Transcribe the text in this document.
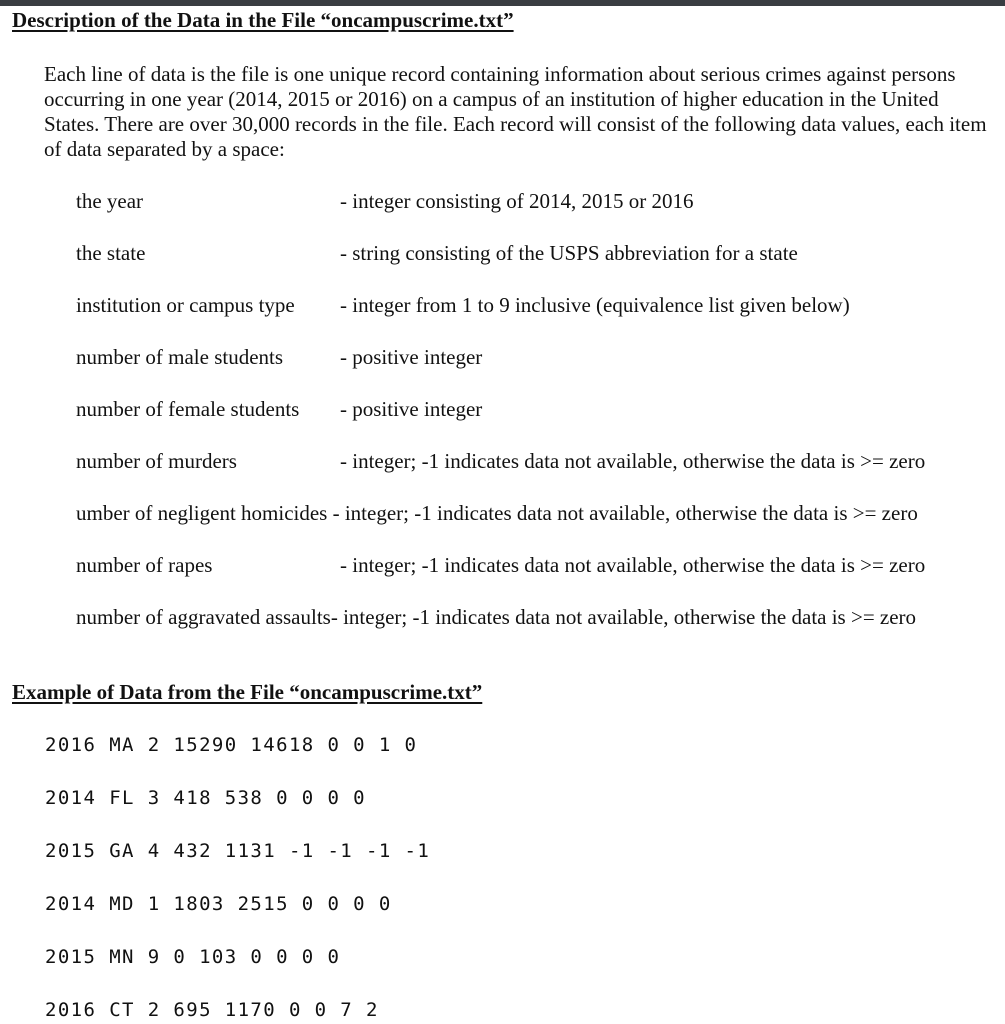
Description of the Data in the File “oncampuscrime.txt”

Each line of data is the file is one unique record containing information about serious crimes against persons occurring in one year (2014, 2015 or 2016) on a campus of an institution of higher education in the United States. There are over 30,000 records in the file. Each record will consist of the following data values, each item of data separated by a space:

the year	- integer consisting of 2014, 2015 or 2016
the state	- string consisting of the USPS abbreviation for a state
institution or campus type - integer from 1 to 9 inclusive (equivalence list given below)
number of male students	- positive integer
number of female students - positive integer
number of murders	- integer; -1 indicates data not available, otherwise the data is >= zero
umber of negligent homicides - integer; -1 indicates data not available, otherwise the data is >= zero
number of rapes	- integer; -1 indicates data not available, otherwise the data is >= zero
number of aggravated assaults- integer; -1 indicates data not available, otherwise the data is >= zero
Example of Data from the File “oncampuscrime.txt”
2016 MA 2 15290 14618 0 0 1 0
2014 FL 3 418 538 0 0 0 0
2015 GA 4 432 1131 -1 -1 -1 -1
2014 MD 1 1803 2515 0 0 0 0
2015 MN 9 0 103 0 0 0 0
2016 CT 2 695 1170 0 0 7 2
